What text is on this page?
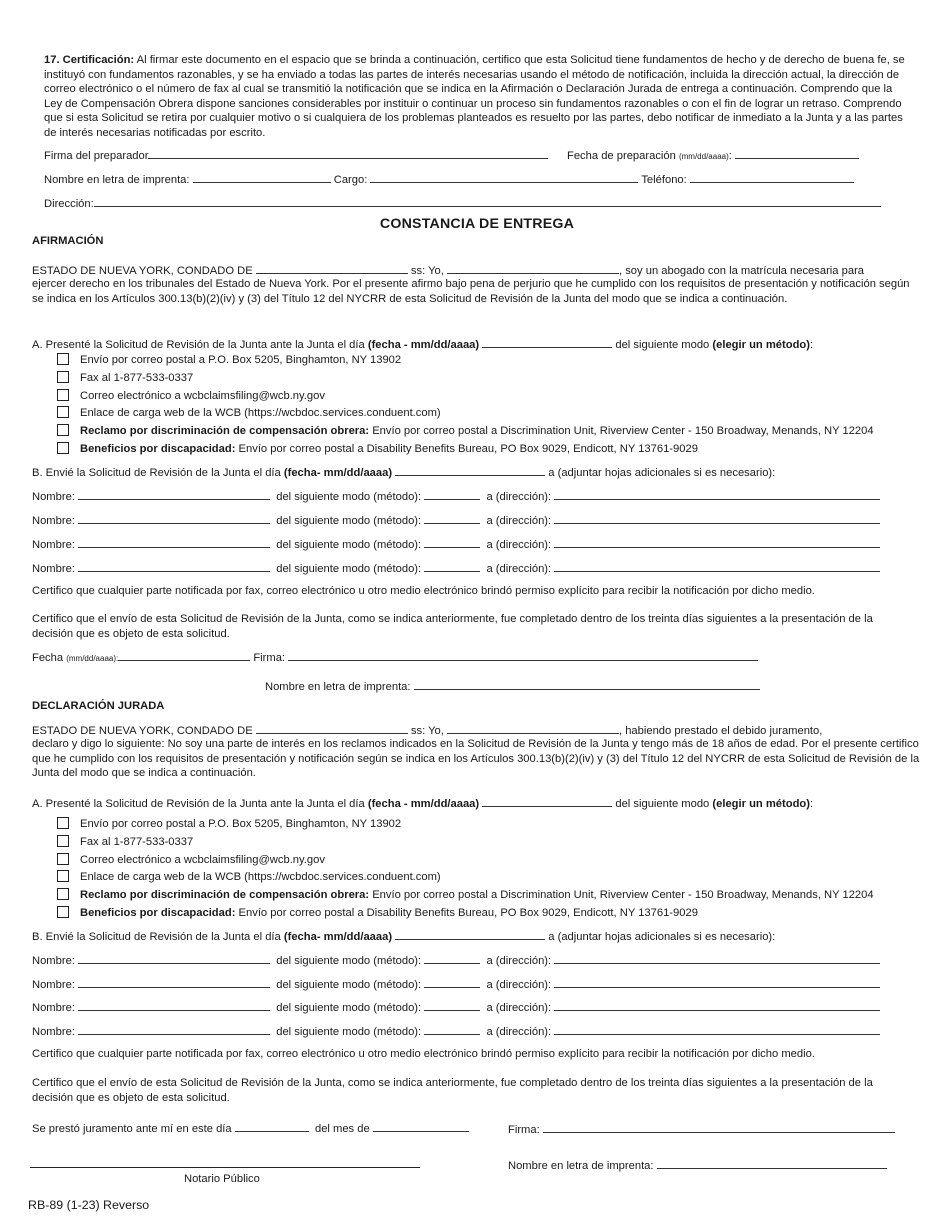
17. Certificación: Al firmar este documento en el espacio que se brinda a continuación, certifico que esta Solicitud tiene fundamentos de hecho y de derecho de buena fe, se instituyó con fundamentos razonables, y se ha enviado a todas las partes de interés necesarias usando el método de notificación, incluida la dirección actual, la dirección de correo electrónico o el número de fax al cual se transmitió la notificación que se indica en la Afirmación o Declaración Jurada de entrega a continuación. Comprendo que la Ley de Compensación Obrera dispone sanciones considerables por instituir o continuar un proceso sin fundamentos razonables o con el fin de lograr un retraso. Comprendo que si esta Solicitud se retira por cualquier motivo o si cualquiera de los problemas planteados es resuelto por las partes, debo notificar de inmediato a la Junta y a las partes de interés necesarias notificadas por escrito.
Firma del preparador	Fecha de preparación (mm/dd/aaaa):
Nombre en letra de imprenta:	Cargo:	Teléfono:
Dirección:
CONSTANCIA DE ENTREGA
AFIRMACIÓN
ESTADO DE NUEVA YORK, CONDADO DE	ss: Yo,	, soy un abogado con la matrícula necesaria para
ejercer derecho en los tribunales del Estado de Nueva York. Por el presente afirmo bajo pena de perjurio que he cumplido con los requisitos de presentación y notificación según se indica en los Artículos 300.13(b)(2)(iv) y (3) del Título 12 del NYCRR de esta Solicitud de Revisión de la Junta del modo que se indica a continuación.
A. Presenté la Solicitud de Revisión de la Junta ante la Junta el día (fecha - mm/dd/aaaa)	del siguiente modo (elegir un método):
Envío por correo postal a P.O. Box 5205, Binghamton, NY 13902
Fax al 1-877-533-0337
Correo electrónico a wcbclaimsfiling@wcb.ny.gov
Enlace de carga web de la WCB (https://wcbdoc.services.conduent.com)
Reclamo por discriminación de compensación obrera: Envío por correo postal a Discrimination Unit, Riverview Center - 150 Broadway, Menands, NY 12204
Beneficios por discapacidad: Envío por correo postal a Disability Benefits Bureau, PO Box 9029, Endicott, NY 13761-9029
B. Envié la Solicitud de Revisión de la Junta el día (fecha- mm/dd/aaaa)	a (adjuntar hojas adicionales si es necesario):
Nombre:	del siguiente modo (método):	a (dirección):
Nombre:	del siguiente modo (método):	a (dirección):
Nombre:	del siguiente modo (método):	a (dirección):
Nombre:	del siguiente modo (método):	a (dirección):
Certifico que cualquier parte notificada por fax, correo electrónico u otro medio electrónico brindó permiso explícito para recibir la notificación por dicho medio.
Certifico que el envío de esta Solicitud de Revisión de la Junta, como se indica anteriormente, fue completado dentro de los treinta días siguientes a la presentación de la decisión que es objeto de esta solicitud.
Fecha (mm/dd/aaaa):	Firma:
Nombre en letra de imprenta:
DECLARACIÓN JURADA
ESTADO DE NUEVA YORK, CONDADO DE	ss: Yo,	, habiendo prestado el debido juramento,
declaro y digo lo siguiente: No soy una parte de interés en los reclamos indicados en la Solicitud de Revisión de la Junta y tengo más de 18 años de edad. Por el presente certifico que he cumplido con los requisitos de presentación y notificación según se indica en los Artículos 300.13(b)(2)(iv) y (3) del Título 12 del NYCRR de esta Solicitud de Revisión de la Junta del modo que se indica a continuación.
A. Presenté la Solicitud de Revisión de la Junta ante la Junta el día (fecha - mm/dd/aaaa)	del siguiente modo (elegir un método):
Envío por correo postal a P.O. Box 5205, Binghamton, NY 13902
Fax al 1-877-533-0337
Correo electrónico a wcbclaimsfiling@wcb.ny.gov
Enlace de carga web de la WCB (https://wcbdoc.services.conduent.com)
Reclamo por discriminación de compensación obrera: Envío por correo postal a Discrimination Unit, Riverview Center - 150 Broadway, Menands, NY 12204
Beneficios por discapacidad: Envío por correo postal a Disability Benefits Bureau, PO Box 9029, Endicott, NY 13761-9029
B. Envié la Solicitud de Revisión de la Junta el día (fecha- mm/dd/aaaa)	a (adjuntar hojas adicionales si es necesario):
Nombre:	del siguiente modo (método):	a (dirección):
Nombre:	del siguiente modo (método):	a (dirección):
Nombre:	del siguiente modo (método):	a (dirección):
Nombre:	del siguiente modo (método):	a (dirección):
Certifico que cualquier parte notificada por fax, correo electrónico u otro medio electrónico brindó permiso explícito para recibir la notificación por dicho medio.
Certifico que el envío de esta Solicitud de Revisión de la Junta, como se indica anteriormente, fue completado dentro de los treinta días siguientes a la presentación de la decisión que es objeto de esta solicitud.
Se prestó juramento ante mí en este día	del mes de	Firma:
Notario Público
Nombre en letra de imprenta:
RB-89 (1-23) Reverso
